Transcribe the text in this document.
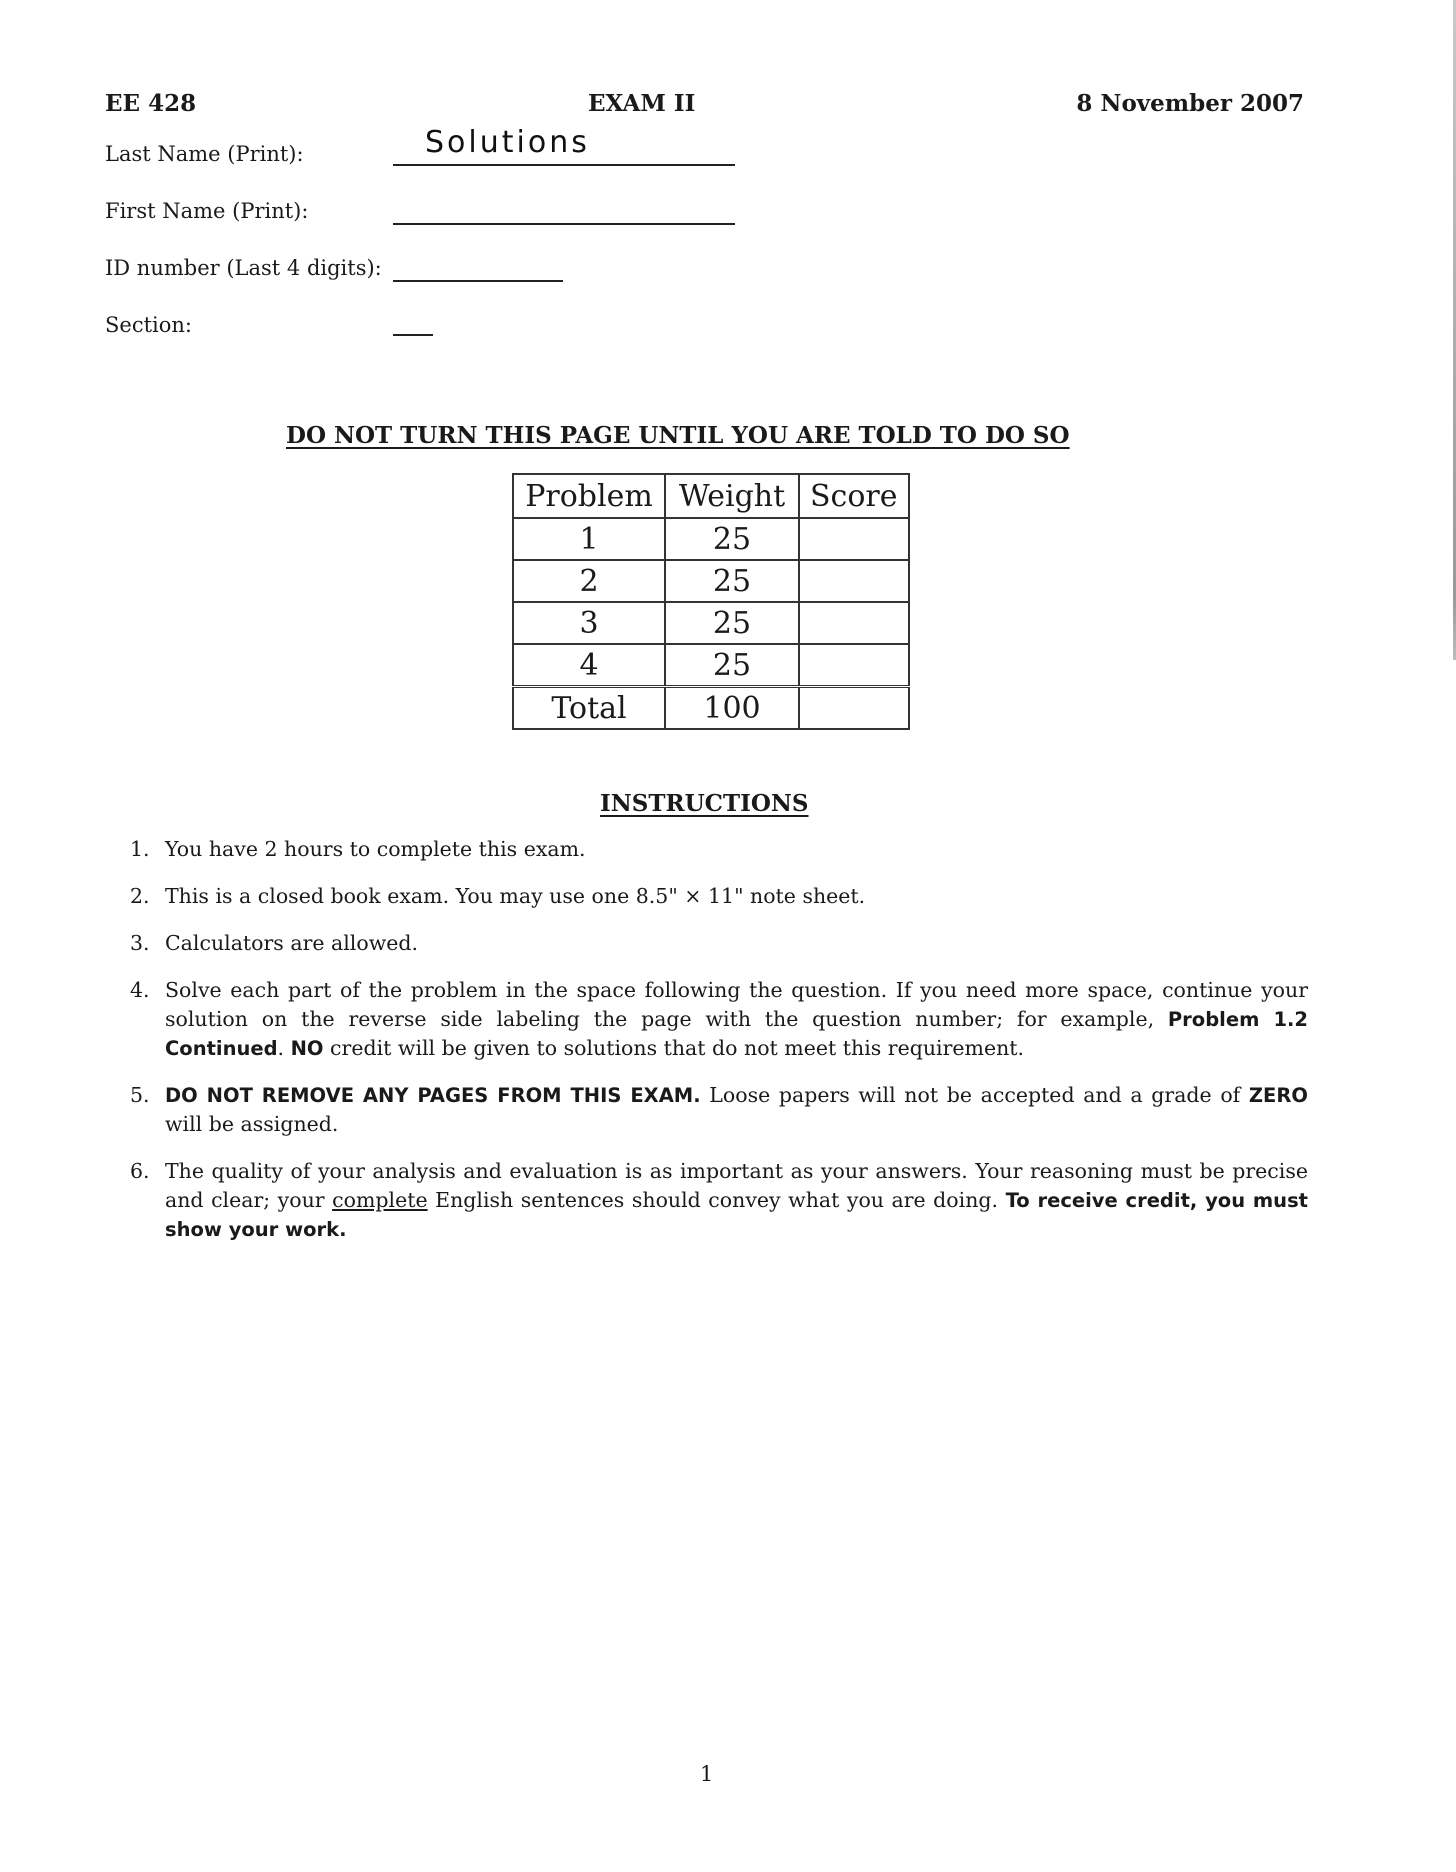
EE 428	EXAM II	8 November 2007
Last Name (Print):	Solutions
First Name (Print):
ID number (Last 4 digits):
Section:
DO NOT TURN THIS PAGE UNTIL YOU ARE TOLD TO DO SO
Problem	Weight	Score
1	25	
2	25	
3	25	
4	25	
Total	100	
INSTRUCTIONS
1. You have 2 hours to complete this exam.
2. This is a closed book exam. You may use one 8.5" × 11" note sheet.
3. Calculators are allowed.
4. Solve each part of the problem in the space following the question. If you need more space, continue your solution on the reverse side labeling the page with the question number; for example, Problem 1.2 Continued. NO credit will be given to solutions that do not meet this requirement.
5. DO NOT REMOVE ANY PAGES FROM THIS EXAM. Loose papers will not be accepted and a grade of ZERO will be assigned.
6. The quality of your analysis and evaluation is as important as your answers. Your reasoning must be precise and clear; your complete English sentences should convey what you are doing. To receive credit, you must show your work.
1
